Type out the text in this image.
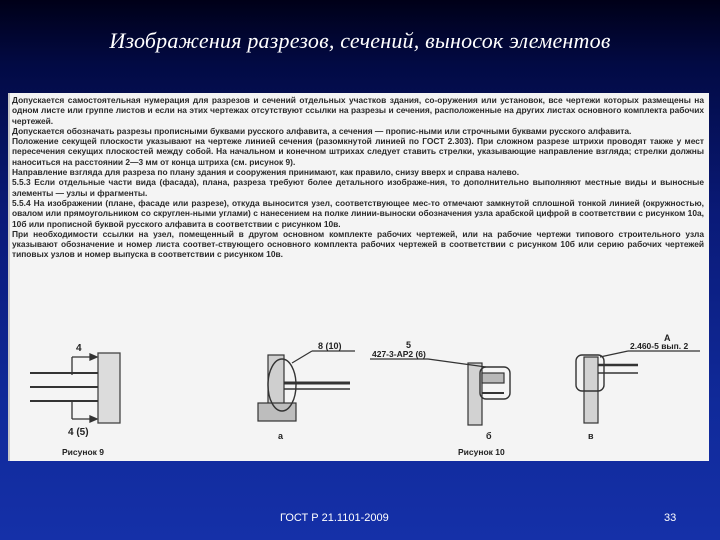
Изображения разрезов, сечений, выносок элементов

Допускается самостоятельная нумерация для разрезов и сечений отдельных участков здания, со-оружения или установок, все чертежи которых размещены на одном листе или группе листов и если на этих чертежах отсутствуют ссылки на разрезы и сечения, расположенные на других листах основного комплекта рабочих чертежей.

Допускается обозначать разрезы прописными буквами русского алфавита, а сечения — пропис-ными или строчными буквами русского алфавита.

Положение секущей плоскости указывают на чертеже линией сечения (разомкнутой линией по ГОСТ 2.303). При сложном разрезе штрихи проводят также у мест пересечения секущих плоскостей между собой. На начальном и конечном штрихах следует ставить стрелки, указывающие направление взгляда; стрелки должны наноситься на расстоянии 2—3 мм от конца штриха (см. рисунок 9).

Направление взгляда для разреза по плану здания и сооружения принимают, как правило, снизу вверх и справа налево.

5.5.3 Если отдельные части вида (фасада), плана, разреза требуют более детального изображе-ния, то дополнительно выполняют местные виды и выносные элементы — узлы и фрагменты.

5.5.4 На изображении (плане, фасаде или разрезе), откуда выносится узел, соответствующее мес-то отмечают замкнутой сплошной тонкой линией (окружностью, овалом или прямоугольником со скруглен-ными углами) с нанесением на полке линии-выноски обозначения узла арабской цифрой в соответствии с рисунком 10а, 10б или прописной буквой русского алфавита в соответствии с рисунком 10в.

При необходимости ссылки на узел, помещенный в другом основном комплекте рабочих чертежей, или на рабочие чертежи типового строительного узла указывают обозначение и номер листа соответ-ствующего основного комплекта рабочих чертежей в соответствии с рисунком 10б или серию рабочих чертежей типовых узлов и номер выпуска в соответствии с рисунком 10в.

4
4 (5)
Рисунок 9
8 (10)
а
5
427-3-АР2 (6)
б
А
2.460-5 вып. 2
в
Рисунок 10
ГОСТ Р 21.1101-2009	33
